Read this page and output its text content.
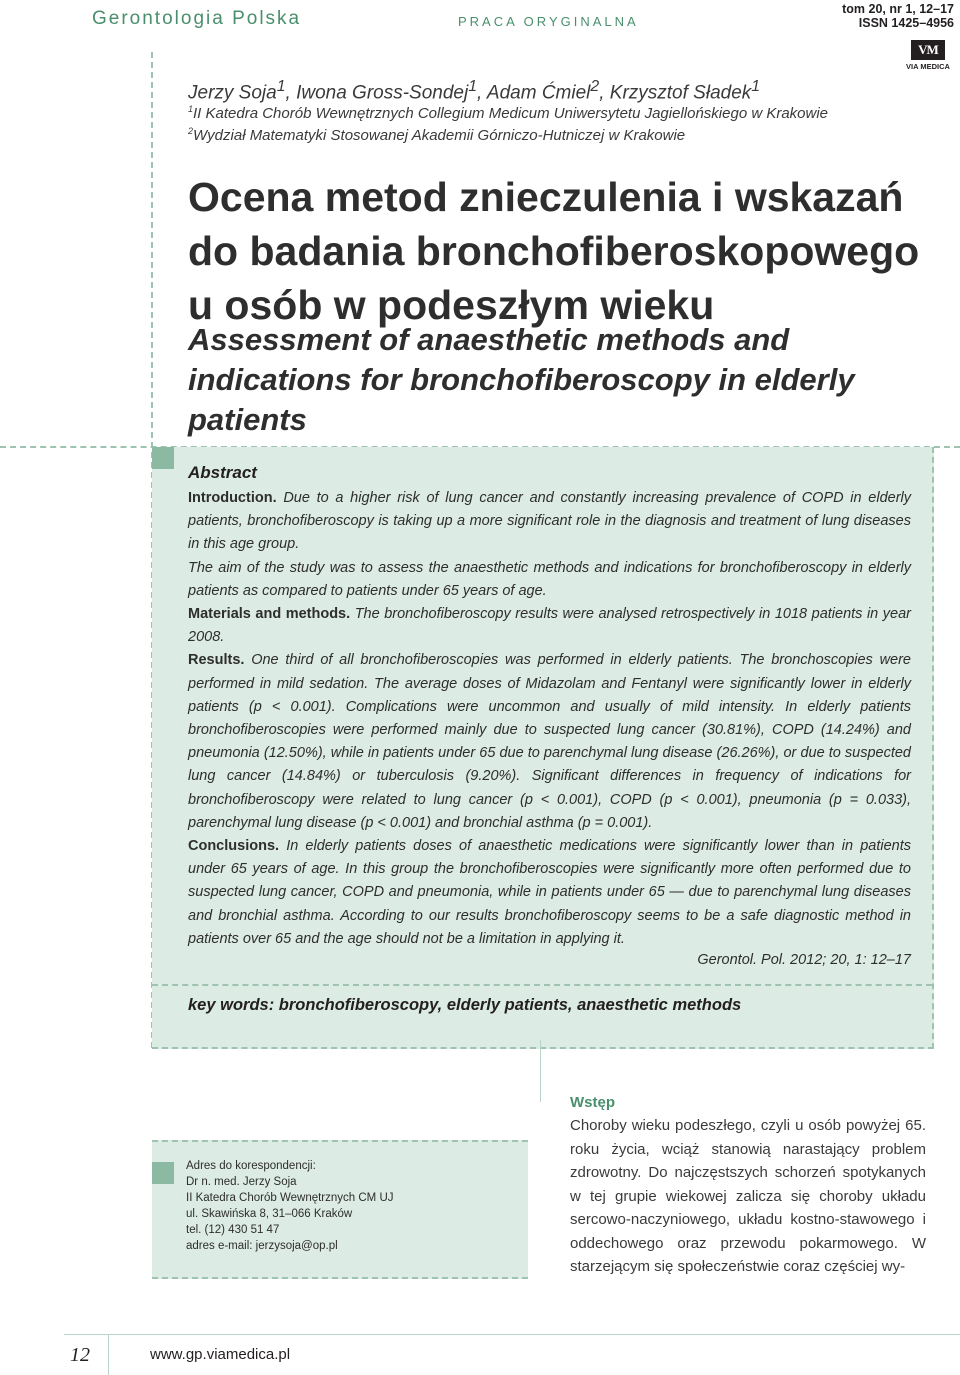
Gerontologia Polska	PRACA ORYGINALNA
tom 20, nr 1, 12–17
ISSN 1425–4956
VM
VIA MEDICA
Jerzy Soja$^1$, Iwona Gross-Sondej$^1$, Adam Ćmiel$^2$, Krzysztof Sładek$^1$
$^1$II Katedra Chorób Wewnętrznych Collegium Medicum Uniwersytetu Jagiellońskiego w Krakowie
$^2$Wydział Matematyki Stosowanej Akademii Górniczo-Hutniczej w Krakowie
Ocena metod znieczulenia i wskazań do badania bronchofiberoskopowego u osób w podeszłym wieku
Assessment of anaesthetic methods and indications for bronchofiberoscopy in elderly patients
Abstract

Introduction. Due to a higher risk of lung cancer and constantly increasing prevalence of COPD in elderly patients, bronchofiberoscopy is taking up a more significant role in the diagnosis and treatment of lung diseases in this age group.

The aim of the study was to assess the anaesthetic methods and indications for bronchofiberoscopy in elderly patients as compared to patients under 65 years of age.

Materials and methods. The bronchofiberoscopy results were analysed retrospectively in 1018 patients in year 2008.

Results. One third of all bronchofiberoscopies was performed in elderly patients. The bronchoscopies were performed in mild sedation. The average doses of Midazolam and Fentanyl were significantly lower in elderly patients (p < 0.001). Complications were uncommon and usually of mild intensity. In elderly patients bronchofiberoscopies were performed mainly due to suspected lung cancer (30.81%), COPD (14.24%) and pneumonia (12.50%), while in patients under 65 due to parenchymal lung disease (26.26%), or due to suspected lung cancer (14.84%) or tuberculosis (9.20%). Significant differences in frequency of indications for bronchofiberoscopy were related to lung cancer (p < 0.001), COPD (p < 0.001), pneumonia (p = 0.033), parenchymal lung disease (p < 0.001) and bronchial asthma (p = 0.001).

Conclusions. In elderly patients doses of anaesthetic medications were significantly lower than in patients under 65 years of age. In this group the bronchofiberoscopies were significantly more often performed due to suspected lung cancer, COPD and pneumonia, while in patients under 65 — due to parenchymal lung diseases and bronchial asthma. According to our results bronchofiberoscopy seems to be a safe diagnostic method in patients over 65 and the age should not be a limitation in applying it.

Gerontol. Pol. 2012; 20, 1: 12–17
key words: bronchofiberoscopy, elderly patients, anaesthetic methods
Adres do korespondencji:
Dr n. med. Jerzy Soja
II Katedra Chorób Wewnętrznych CM UJ
ul. Skawińska 8, 31–066 Kraków
tel. (12) 430 51 47
adres e-mail: jerzysoja@op.pl
Wstęp
Choroby wieku podeszłego, czyli u osób powyżej 65. roku życia, wciąż stanowią narastający problem zdrowotny. Do najczęstszych schorzeń spotykanych w tej grupie wiekowej zalicza się choroby układu sercowo-naczyniowego, układu kostno-stawowego i oddechowego oraz przewodu pokarmowego. W starzejącym się społeczeństwie coraz częściej wy-
12	www.gp.viamedica.pl
